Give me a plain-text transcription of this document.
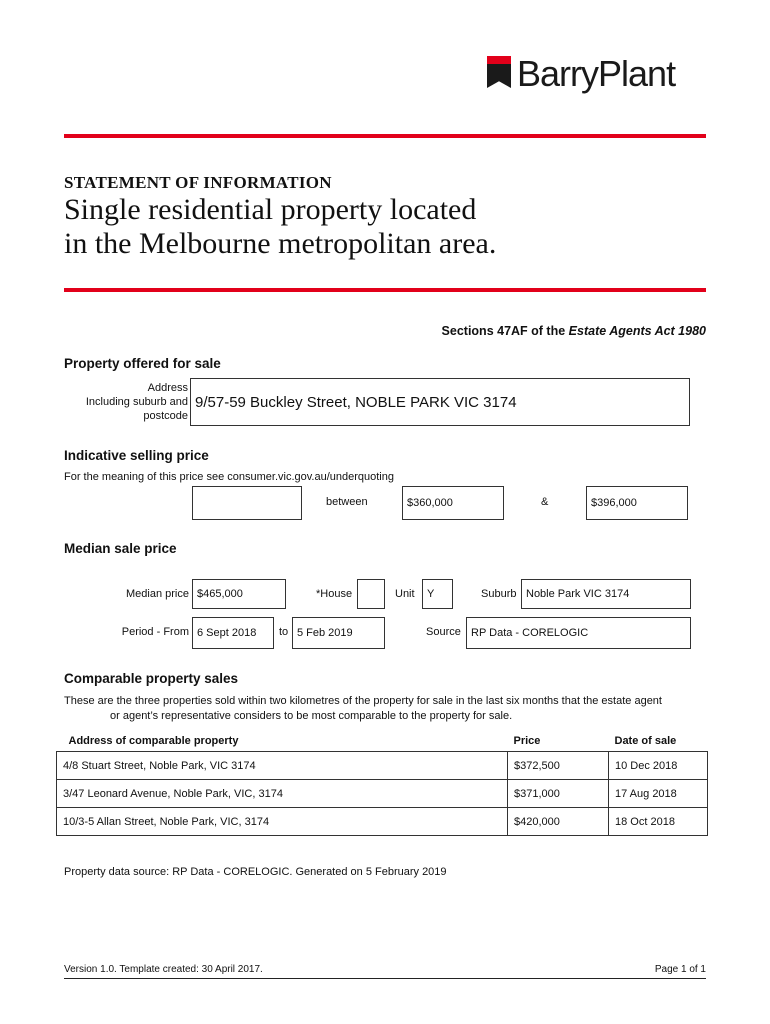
BarryPlant
STATEMENT OF INFORMATION
Single residential property located
in the Melbourne metropolitan area.
Sections 47AF of the Estate Agents Act 1980
Property offered for sale
Address
Including suburb and
postcode
9/57-59 Buckley Street, NOBLE PARK VIC 3174
Indicative selling price
For the meaning of this price see consumer.vic.gov.au/underquoting
between	$360,000	&	$396,000
Median sale price
Median price $465,000	*House	Unit	Y	Suburb Noble Park VIC 3174
Period - From 6 Sept 2018	to 5 Feb 2019	Source RP Data - CORELOGIC
Comparable property sales
These are the three properties sold within two kilometres of the property for sale in the last six months that the estate agent
or agent’s representative considers to be most comparable to the property for sale.
Address of comparable property	Price	Date of sale
4/8 Stuart Street, Noble Park, VIC 3174	$372,500	10 Dec 2018
3/47 Leonard Avenue, Noble Park, VIC, 3174	$371,000	17 Aug 2018
10/3-5 Allan Street, Noble Park, VIC, 3174	$420,000	18 Oct 2018
Property data source: RP Data - CORELOGIC. Generated on 5 February 2019
Version 1.0. Template created: 30 April 2017.	Page 1 of 1
